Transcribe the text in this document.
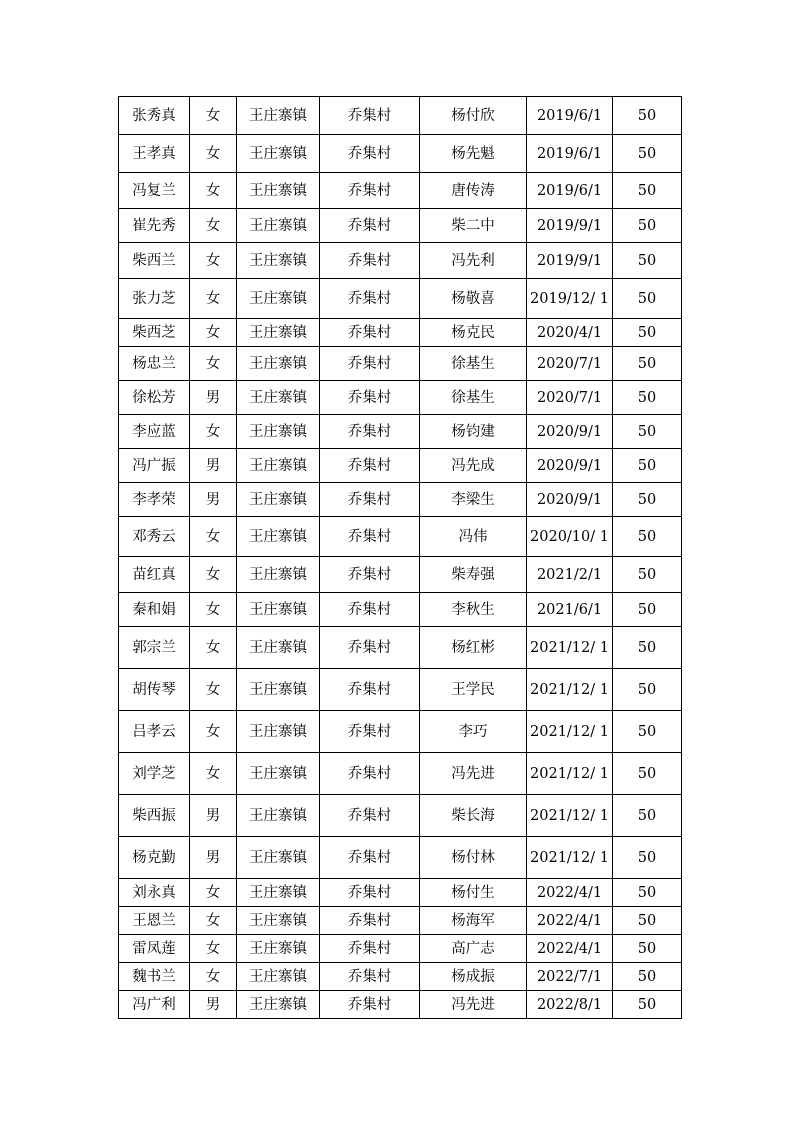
张秀真	女	王庄寨镇	乔集村	杨付欣	2019/6/1	50
王孝真	女	王庄寨镇	乔集村	杨先魁	2019/6/1	50
冯复兰	女	王庄寨镇	乔集村	唐传涛	2019/6/1	50
崔先秀	女	王庄寨镇	乔集村	柴二中	2019/9/1	50
柴西兰	女	王庄寨镇	乔集村	冯先利	2019/9/1	50
张力芝	女	王庄寨镇	乔集村	杨敬喜	2019/12/ 1	50
柴西芝	女	王庄寨镇	乔集村	杨克民	2020/4/1	50
杨忠兰	女	王庄寨镇	乔集村	徐基生	2020/7/1	50
徐松芳	男	王庄寨镇	乔集村	徐基生	2020/7/1	50
李应蓝	女	王庄寨镇	乔集村	杨钧建	2020/9/1	50
冯广振	男	王庄寨镇	乔集村	冯先成	2020/9/1	50
李孝荣	男	王庄寨镇	乔集村	李梁生	2020/9/1	50
邓秀云	女	王庄寨镇	乔集村	冯伟	2020/10/ 1	50
苗红真	女	王庄寨镇	乔集村	柴寿强	2021/2/1	50
秦和娟	女	王庄寨镇	乔集村	李秋生	2021/6/1	50
郭宗兰	女	王庄寨镇	乔集村	杨红彬	2021/12/ 1	50
胡传琴	女	王庄寨镇	乔集村	王学民	2021/12/ 1	50
吕孝云	女	王庄寨镇	乔集村	李巧	2021/12/ 1	50
刘学芝	女	王庄寨镇	乔集村	冯先进	2021/12/ 1	50
柴西振	男	王庄寨镇	乔集村	柴长海	2021/12/ 1	50
杨克勤	男	王庄寨镇	乔集村	杨付林	2021/12/ 1	50
刘永真	女	王庄寨镇	乔集村	杨付生	2022/4/1	50
王恩兰	女	王庄寨镇	乔集村	杨海军	2022/4/1	50
雷凤莲	女	王庄寨镇	乔集村	高广志	2022/4/1	50
魏书兰	女	王庄寨镇	乔集村	杨成振	2022/7/1	50
冯广利	男	王庄寨镇	乔集村	冯先进	2022/8/1	50
